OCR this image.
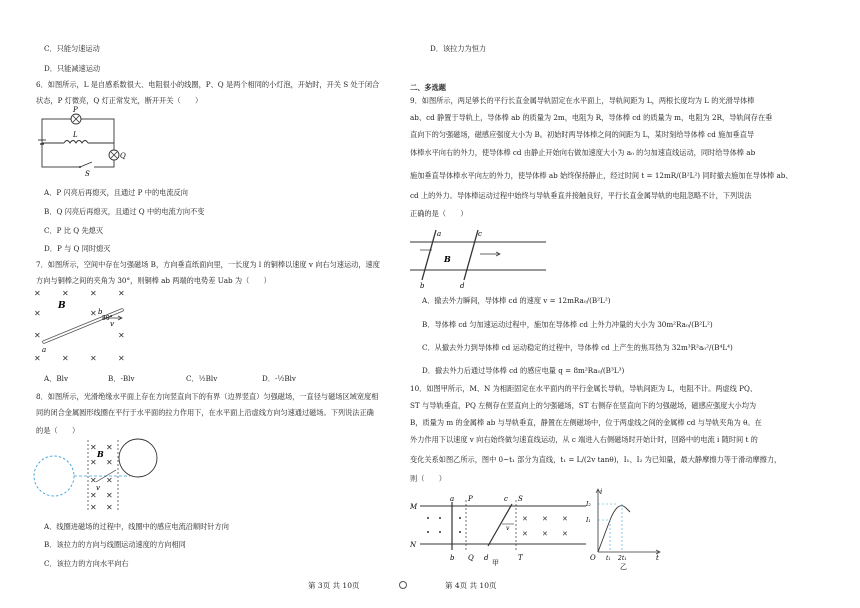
C．只能匀速运动
D．只能减速运动
6．如图所示，L 是自感系数很大、电阻很小的线圈，P、Q 是两个相同的小灯泡，开始时，开关 S 处于闭合
状态，P 灯微亮，Q 灯正常发光，断开开关（　　）
P
Q
L
S
A．P 闪亮后再熄灭，且通过 P 中的电流反向
B．Q 闪亮后再熄灭，且通过 Q 中的电流方向不变
C．P 比 Q 先熄灭
D．P 与 Q 同时熄灭
7．如图所示，空间中存在匀强磁场 B，方向垂直纸面向里，一长度为 l 的铜棒以速度 v 向右匀速运动，速度
方向与铜棒之间的夹角为 30°，则铜棒 ab 两端的电势差 Uab 为（　　）
✕	✕	✕	✕
✕	✕
✕	✕
✕	✕	✕	✕
B
b
a
v
30°
A．Blv	B．-Blv	C．½Blv	D．-½Blv
8．如图所示，光滑绝缘水平面上存在方向竖直向下的有界（边界竖直）匀强磁场，一直径与磁场区域宽度相
同的闭合金属圆形线圈在平行于水平面的拉力作用下，在水平面上沿虚线方向匀速通过磁场。下列说法正确
的是（　　）
✕ ✕
✕ ✕
✕ ✕
✕ ✕
✕ ✕
B
v
A．线圈进磁场的过程中，线圈中的感应电流沿顺时针方向
B．该拉力的方向与线圈运动速度的方向相同
C．该拉力的方向水平向右
D．该拉力为恒力
二、多选题
9．如图所示，两足够长的平行长直金属导轨固定在水平面上，导轨间距为 L，两根长度均为 L 的光滑导体棒
ab、cd 静置于导轨上，导体棒 ab 的质量为 2m，电阻为 R，导体棒 cd 的质量为 m，电阻为 2R，导轨间存在垂
直向下的匀强磁场，磁感应强度大小为 B。初始时两导体棒之间的间距为 L，某时刻给导体棒 cd 施加垂直导
体棒水平向右的外力，使导体棒 cd 由静止开始向右做加速度大小为 a₀ 的匀加速直线运动，同时给导体棒 ab
施加垂直导体棒水平向左的外力，使导体棒 ab 始终保持静止，经过时间 t = 12mR/(B²L²) 同时撤去施加在导体棒 ab、
cd 上的外力。导体棒运动过程中始终与导轨垂直并接触良好，平行长直金属导轨的电阻忽略不计，下列说法
正确的是（　　）
a
b
c
d
B
A．撤去外力瞬间，导体棒 cd 的速度 v = 12mRa₀/(B²L²)
B．导体棒 cd 匀加速运动过程中，施加在导体棒 cd 上外力冲量的大小为 30m²Ra₀/(B²L²)
C．从撤去外力到导体棒 cd 运动稳定的过程中，导体棒 cd 上产生的焦耳热为 32m³R²a₀²/(B⁴L⁴)
D．撤去外力后通过导体棒 cd 的感应电量 q = 8m²Ra₀/(B³L³)
10．如图甲所示，M、N 为相距固定在水平面内的平行金属长导轨，导轨间距为 L，电阻不计。两虚线 PQ、
ST 与导轨垂直，PQ 左侧存在竖直向上的匀强磁场，ST 右侧存在竖直向下的匀强磁场，磁感应强度大小均为
B，质量为 m 的金属棒 ab 与导轨垂直，静置在左侧磁场中，位于两虚线之间的金属棒 cd 与导轨夹角为 θ。在
外力作用下以速度 v 向右始终做匀速直线运动，从 c 端进入右侧磁场时开始计时，回路中的电流 i 随时间 t 的
变化关系如图乙所示，图中 0~t₁ 部分为直线，t₁ = L/(2v tanθ)，I₁、I₂ 为已知量，最大静摩擦力等于滑动摩擦力，
则（　　）
✕ ✕ ✕
✕ ✕ ✕
M
N
a
b
P
Q
c
d
S
T
v
甲
i
I₂
I₁
O t₁ 2t₁	t
乙
第 3页 共 10页	第 4页 共 10页
